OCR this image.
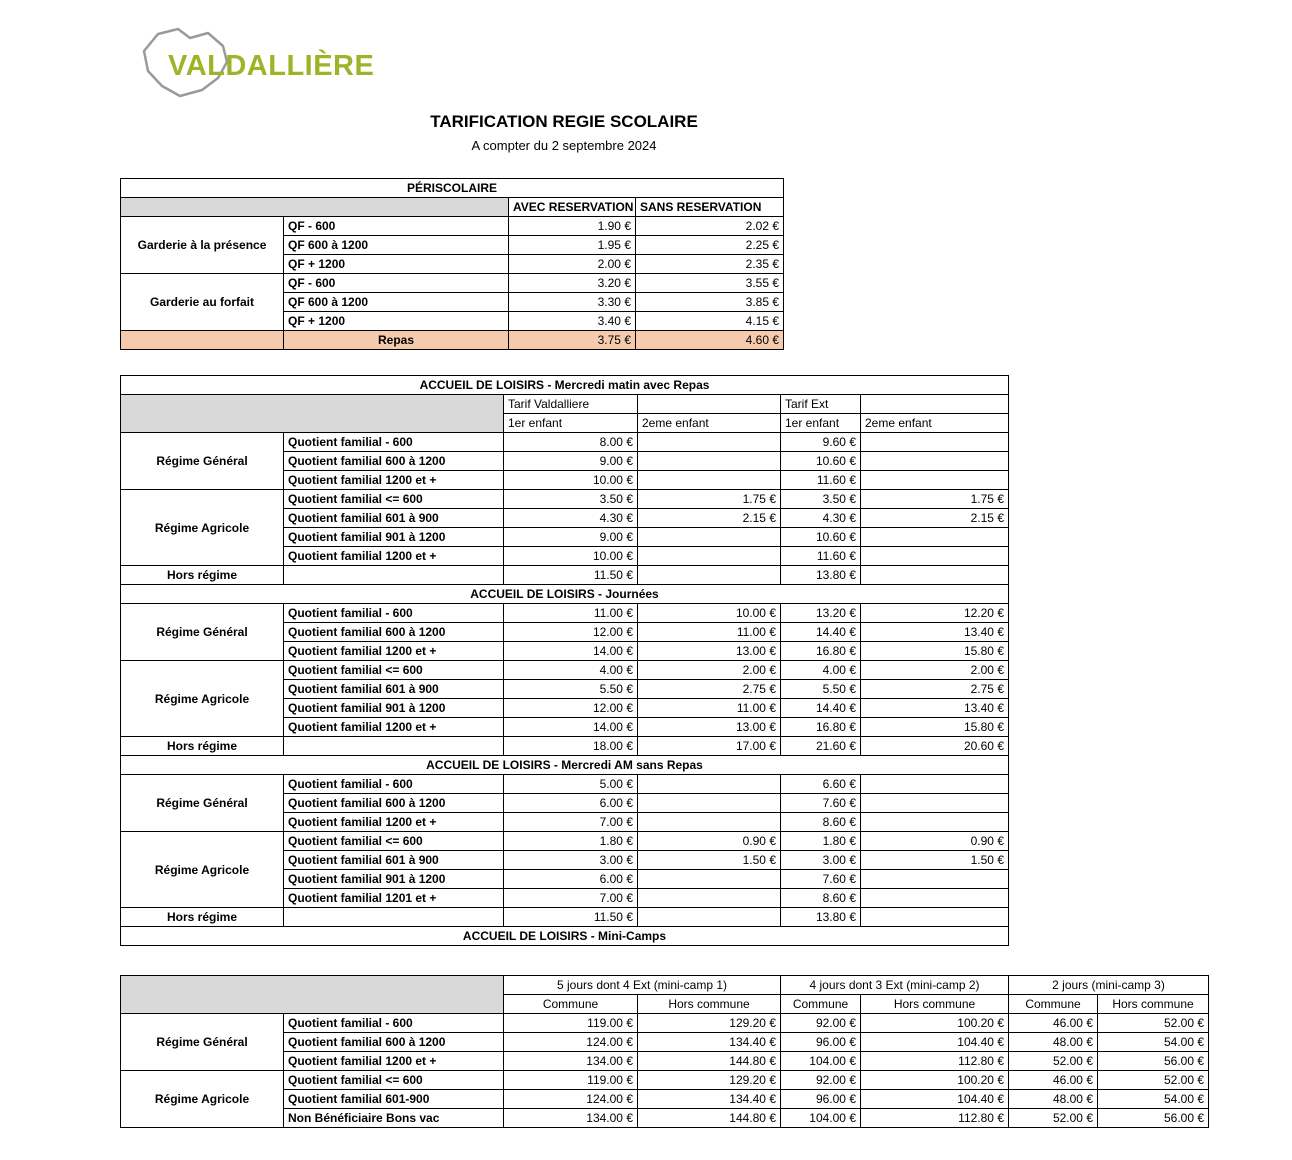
VALDALLIÈRE
TARIFICATION REGIE SCOLAIRE
A compter du 2 septembre 2024
PÉRISCOLAIRE			
		AVEC RESERVATION	SANS RESERVATION
Garderie à la présence	QF - 600	1.90 €	2.02 €
	QF 600 à 1200	1.95 €	2.25 €
	QF + 1200	2.00 €	2.35 €
Garderie au forfait	QF - 600	3.20 €	3.55 €
	QF 600 à 1200	3.30 €	3.85 €
	QF + 1200	3.40 €	4.15 €
	Repas	3.75 €	4.60 €
ACCUEIL DE LOISIRS - Mercredi matin avec Repas					
		Tarif Valdalliere		Tarif Ext	
		1er enfant	2eme enfant	1er enfant	2eme enfant
Régime Général	Quotient familial - 600	8.00 €		9.60 €	
	Quotient familial 600 à 1200	9.00 €		10.60 €	
	Quotient familial 1200 et +	10.00 €		11.60 €	
Régime Agricole	Quotient familial <= 600	3.50 €	1.75 €	3.50 €	1.75 €
	Quotient familial 601 à 900	4.30 €	2.15 €	4.30 €	2.15 €
	Quotient familial 901 à 1200	9.00 €		10.60 €	
	Quotient familial 1200 et +	10.00 €		11.60 €	
Hors régime		11.50 €		13.80 €	
ACCUEIL DE LOISIRS - Journées					
Régime Général	Quotient familial - 600	11.00 €	10.00 €	13.20 €	12.20 €
	Quotient familial 600 à 1200	12.00 €	11.00 €	14.40 €	13.40 €
	Quotient familial 1200 et +	14.00 €	13.00 €	16.80 €	15.80 €
Régime Agricole	Quotient familial <= 600	4.00 €	2.00 €	4.00 €	2.00 €
	Quotient familial 601 à 900	5.50 €	2.75 €	5.50 €	2.75 €
	Quotient familial 901 à 1200	12.00 €	11.00 €	14.40 €	13.40 €
	Quotient familial 1200 et +	14.00 €	13.00 €	16.80 €	15.80 €
Hors régime		18.00 €	17.00 €	21.60 €	20.60 €
ACCUEIL DE LOISIRS - Mercredi AM sans Repas					
Régime Général	Quotient familial - 600	5.00 €		6.60 €	
	Quotient familial 600 à 1200	6.00 €		7.60 €	
	Quotient familial 1200 et +	7.00 €		8.60 €	
Régime Agricole	Quotient familial <= 600	1.80 €	0.90 €	1.80 €	0.90 €
	Quotient familial 601 à 900	3.00 €	1.50 €	3.00 €	1.50 €
	Quotient familial 901 à 1200	6.00 €		7.60 €	
	Quotient familial 1201 et +	7.00 €		8.60 €	
Hors régime		11.50 €		13.80 €	
ACCUEIL DE LOISIRS - Mini-Camps					
		5 jours dont 4 Ext (mini-camp 1)		4 jours dont 3 Ext (mini-camp 2)		2 jours (mini-camp 3)	
		Commune	Hors commune	Commune	Hors commune	Commune	Hors commune
Régime Général	Quotient familial - 600	119.00 €	129.20 €	92.00 €	100.20 €	46.00 €	52.00 €
	Quotient familial 600 à 1200	124.00 €	134.40 €	96.00 €	104.40 €	48.00 €	54.00 €
	Quotient familial 1200 et +	134.00 €	144.80 €	104.00 €	112.80 €	52.00 €	56.00 €
Régime Agricole	Quotient familial <= 600	119.00 €	129.20 €	92.00 €	100.20 €	46.00 €	52.00 €
	Quotient familial 601-900	124.00 €	134.40 €	96.00 €	104.40 €	48.00 €	54.00 €
	Non Bénéficiaire Bons vac	134.00 €	144.80 €	104.00 €	112.80 €	52.00 €	56.00 €
